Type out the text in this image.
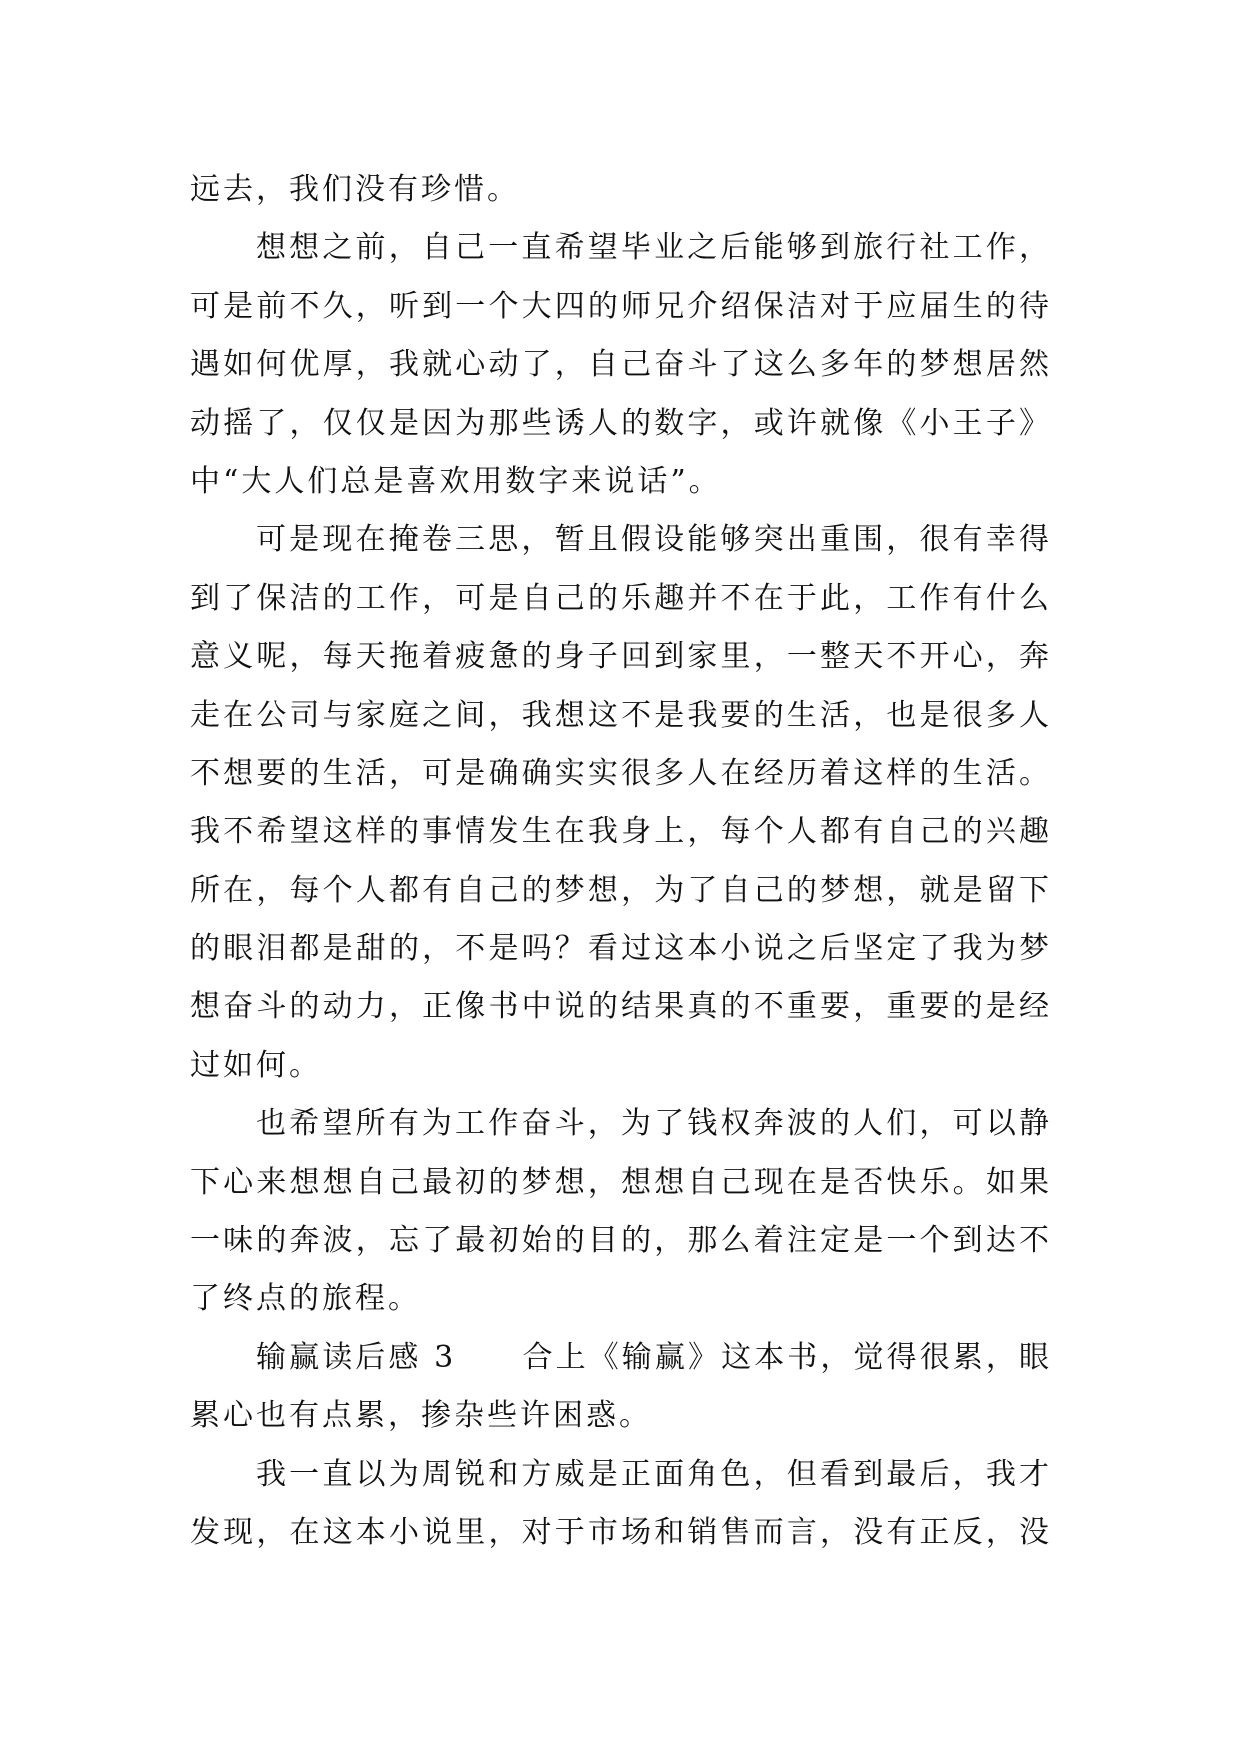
远去，我们没有珍惜。
想想之前，自己一直希望毕业之后能够到旅行社工作，
可是前不久，听到一个大四的师兄介绍保洁对于应届生的待
遇如何优厚，我就心动了，自己奋斗了这么多年的梦想居然
动摇了，仅仅是因为那些诱人的数字，或许就像《小王子》
中“大人们总是喜欢用数字来说话”。
可是现在掩卷三思，暂且假设能够突出重围，很有幸得
到了保洁的工作，可是自己的乐趣并不在于此，工作有什么
意义呢，每天拖着疲惫的身子回到家里，一整天不开心，奔
走在公司与家庭之间，我想这不是我要的生活，也是很多人
不想要的生活，可是确确实实很多人在经历着这样的生活。
我不希望这样的事情发生在我身上，每个人都有自己的兴趣
所在，每个人都有自己的梦想，为了自己的梦想，就是留下
的眼泪都是甜的，不是吗？看过这本小说之后坚定了我为梦
想奋斗的动力，正像书中说的结果真的不重要，重要的是经
过如何。
也希望所有为工作奋斗，为了钱权奔波的人们，可以静
下心来想想自己最初的梦想，想想自己现在是否快乐。如果
一味的奔波，忘了最初始的目的，那么着注定是一个到达不
了终点的旅程。
输赢读后感 3　　合上《输赢》这本书，觉得很累，眼
累心也有点累，掺杂些许困惑。
我一直以为周锐和方威是正面角色，但看到最后，我才
发现，在这本小说里，对于市场和销售而言，没有正反，没
